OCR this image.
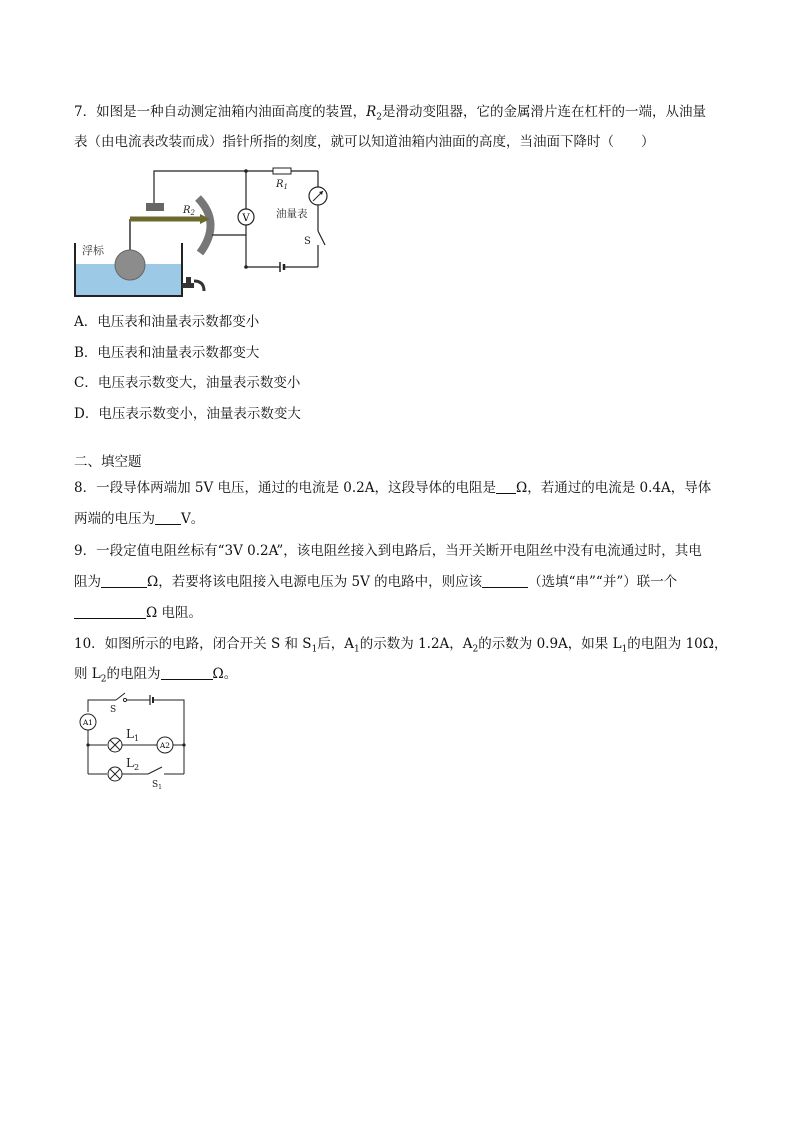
7．如图是一种自动测定油箱内油面高度的装置，$R_2$是滑动变阻器，它的金属滑片连在杠杆的一端，从油量
表（由电流表改装而成）指针所指的刻度，就可以知道油箱内油面的高度，当油面下降时（　　）
浮标
$R_2$	V
$R_1$
油量表
S
A．电压表和油量表示数都变小
B．电压表和油量表示数都变大
C．电压表示数变大，油量表示数变小
D．电压表示数变小，油量表示数变大
二、填空题
8．一段导体两端加 5V 电压，通过的电流是 0.2A，这段导体的电阻是 Ω，若通过的电流是 0.4A，导体
两端的电压为 V。
9．一段定值电阻丝标有“3V 0.2A”，该电阻丝接入到电路后，当开关断开电阻丝中没有电流通过时，其电
阻为	Ω，若要将该电阻接入电源电压为 5V 的电路中，则应该	（选填“串”“并”）联一个
Ω 电阻。
10．如图所示的电路，闭合开关 S 和 $S_1$后，$A_1$的示数为 1.2A，$A_2$的示数为 0.9A，如果 $L_1$的电阻为 10Ω，
则 $L_2$的电阻为	Ω。
S
A1
$L_1$
A2
$L_2$
$S_1$
